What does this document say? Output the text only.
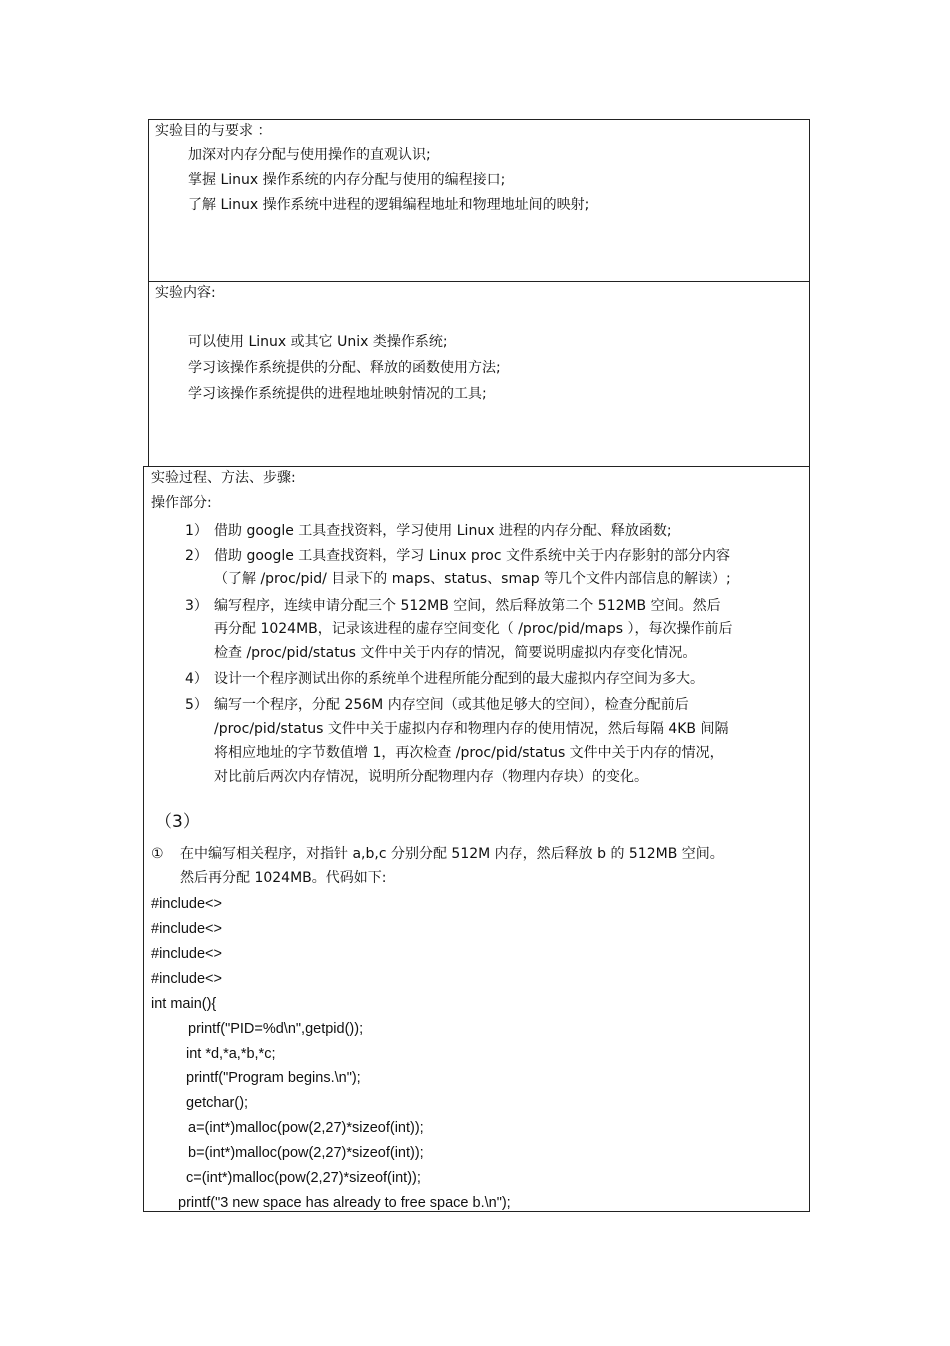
实验目的与要求 ：
加深对内存分配与使用操作的直观认识;
掌握 Linux 操作系统的内存分配与使用的编程接口;
了解 Linux 操作系统中进程的逻辑编程地址和物理地址间的映射;
实验内容:
可以使用 Linux 或其它 Unix 类操作系统;
学习该操作系统提供的分配、释放的函数使用方法;
学习该操作系统提供的进程地址映射情况的工具;
实验过程、方法、步骤:
操作部分:
1） 借助 google 工具查找资料，学习使用 Linux 进程的内存分配、释放函数;
2） 借助 google 工具查找资料，学习 Linux proc 文件系统中关于内存影射的部分内容
（了解 /proc/pid/ 目录下的 maps、status、smap 等几个文件内部信息的解读）;
3） 编写程序，连续申请分配三个 512MB 空间，然后释放第二个 512MB 空间。然后
再分配 1024MB，记录该进程的虚存空间变化（ /proc/pid/maps ），每次操作前后
检查 /proc/pid/status 文件中关于内存的情况，简要说明虚拟内存变化情况。
4） 设计一个程序测试出你的系统单个进程所能分配到的最大虚拟内存空间为多大。
5） 编写一个程序，分配 256M 内存空间（或其他足够大的空间），检查分配前后
/proc/pid/status 文件中关于虚拟内存和物理内存的使用情况，然后每隔 4KB 间隔
将相应地址的字节数值增 1，再次检查 /proc/pid/status 文件中关于内存的情况，
对比前后两次内存情况，说明所分配物理内存（物理内存块）的变化。
（3）
① 在中编写相关程序，对指针 a,b,c 分别分配 512M 内存，然后释放 b 的 512MB 空间。
然后再分配 1024MB。代码如下:
#include<>
#include<>
#include<>
#include<>
int main(){
printf("PID=%d\n",getpid());
int *d,*a,*b,*c;
printf("Program begins.\n");
getchar();
a=(int*)malloc(pow(2,27)*sizeof(int));
b=(int*)malloc(pow(2,27)*sizeof(int));
c=(int*)malloc(pow(2,27)*sizeof(int));
printf("3 new space has already to free space b.\n");
